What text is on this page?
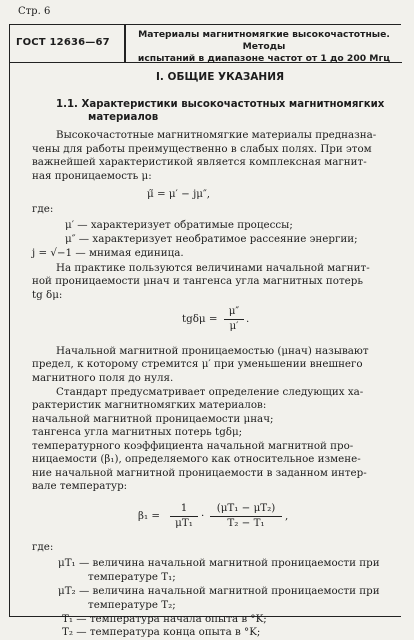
Стр. 6
ГОСТ 12636—67
Материалы магнитномягкие высокочастотные. Методы
испытаний в диапазоне частот от 1 до 200 Мгц
I. ОБЩИЕ УКАЗАНИЯ
1.1. Характеристики высокочастотных магнитномягких
материалов
Высокочастотные магнитномягкие материалы предназна-
чены для работы преимущественно в слабых полях. При этом
важнейшей характеристикой является комплексная магнит-
ная проницаемость μ:
μ̃ = μ′ − jμ″,
где:
μ′ — характеризует обратимые процессы;
μ″ — характеризует необратимое рассеяние энергии;
j = √−1 — мнимая единица.
На практике пользуются величинами начальной магнит-
ной проницаемости μнач и тангенса угла магнитных потерь
tg δμ:
tgδμ =
μ″
μ′
.
Начальной магнитной проницаемостью (μнач) называют
предел, к которому стремится μ′ при уменьшении внешнего
магнитного поля до нуля.
Стандарт предусматривает определение следующих ха-
рактеристик магнитномягких материалов:
начальной магнитной проницаемости μнач;
тангенса угла магнитных потерь tgδμ;
температурного коэффициента начальной магнитной про-
ницаемости (β₁), определяемого как относительное измене-
ние начальной магнитной проницаемости в заданном интер-
вале температур:
β₁ =
1
μT₁
·
(μT₁ − μT₂)
T₂ − T₁
,
где:
μT₁ — величина начальной магнитной проницаемости при
температуре T₁;
μT₂ — величина начальной магнитной проницаемости при
температуре T₂;
T₁ — температура начала опыта в °K;
T₂ — температура конца опыта в °K;
